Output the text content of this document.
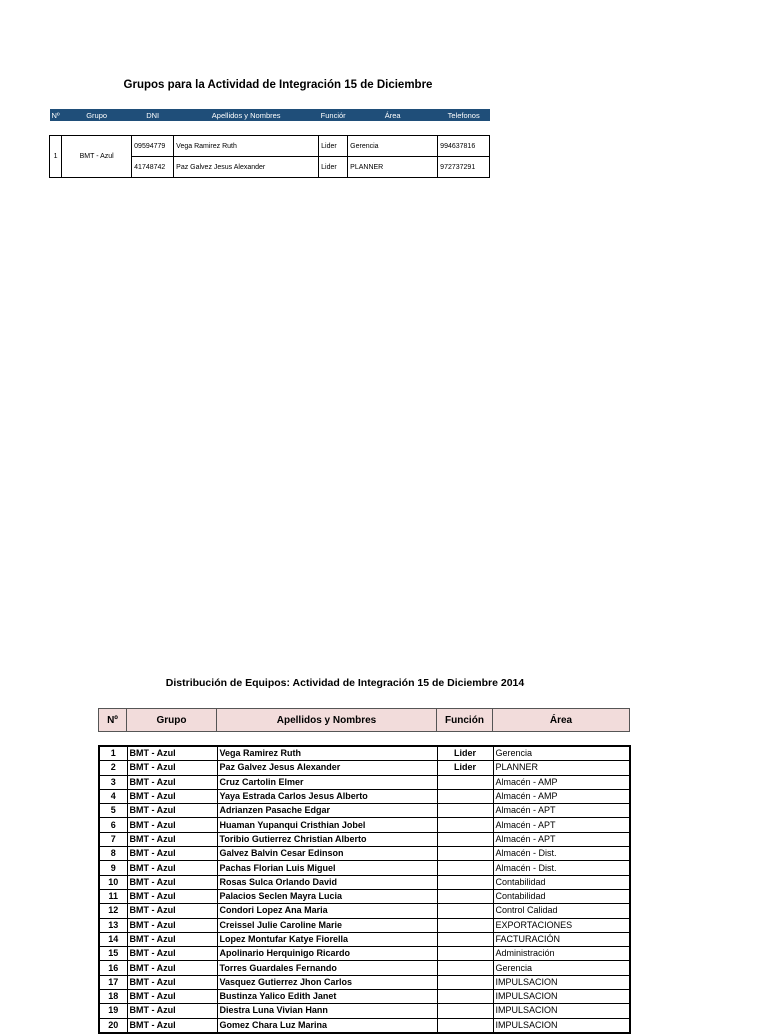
Grupos para la Actividad de Integración 15 de Diciembre
Nº	Grupo	DNI	Apellidos y Nombres	Funciór	Área	Telefonos

1	BMT - Azul	09594779	Vega Ramirez Ruth	Lider	Gerencia	994637816
		41748742	Paz Galvez Jesus Alexander	Lider	PLANNER	972737291
Distribución de Equipos: Actividad de Integración 15 de Diciembre 2014
Nº	Grupo	Apellidos y Nombres	Función	Área
1	BMT - Azul	Vega Ramirez Ruth	Lider	Gerencia
2	BMT - Azul	Paz Galvez Jesus Alexander	Lider	PLANNER
3	BMT - Azul	Cruz Cartolin Elmer		Almacén - AMP
4	BMT - Azul	Yaya Estrada Carlos Jesus Alberto		Almacén - AMP
5	BMT - Azul	Adrianzen Pasache Edgar		Almacén - APT
6	BMT - Azul	Huaman Yupanqui Cristhian Jobel		Almacén - APT
7	BMT - Azul	Toribio Gutierrez Christian Alberto		Almacén - APT
8	BMT - Azul	Galvez Balvin Cesar Edinson		Almacén - Dist.
9	BMT - Azul	Pachas Florian Luis Miguel		Almacén - Dist.
10	BMT - Azul	Rosas Sulca Orlando David		Contabilidad
11	BMT - Azul	Palacios Seclen Mayra Lucia		Contabilidad
12	BMT - Azul	Condori Lopez Ana Maria		Control Calidad
13	BMT - Azul	Creissel Julie Caroline Marie		EXPORTACIONES
14	BMT - Azul	Lopez Montufar Katye Fiorella		FACTURACIÓN
15	BMT - Azul	Apolinario Herquinigo Ricardo		Administración
16	BMT - Azul	Torres Guardales Fernando		Gerencia
17	BMT - Azul	Vasquez Gutierrez Jhon Carlos		IMPULSACION
18	BMT - Azul	Bustinza Yalico Edith Janet		IMPULSACION
19	BMT - Azul	Diestra Luna Vivian Hann		IMPULSACION
20	BMT - Azul	Gomez Chara Luz Marina		IMPULSACION
